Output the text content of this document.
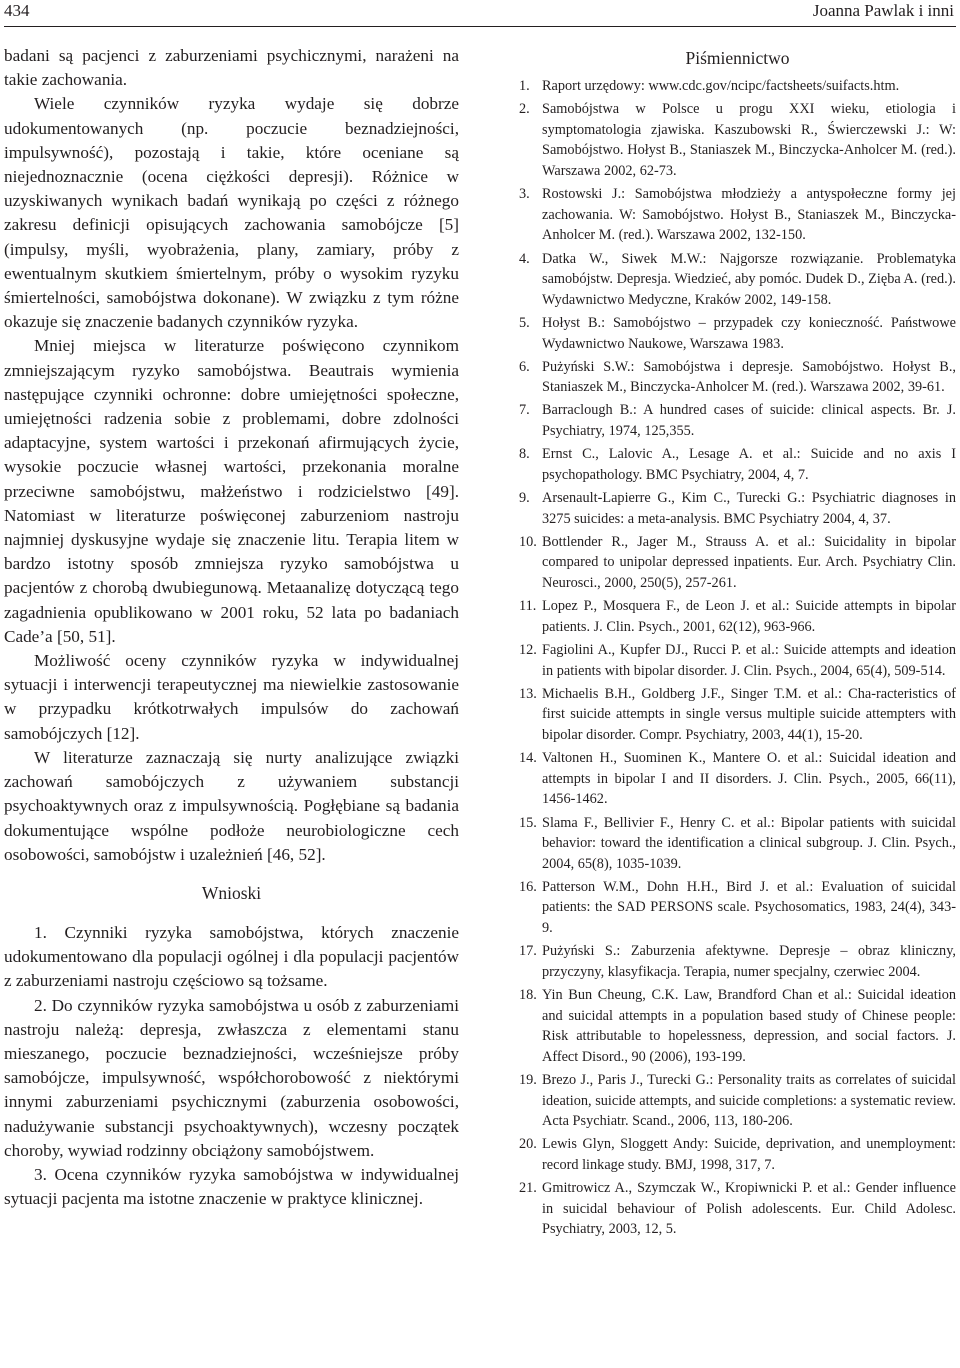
434	Joanna Pawlak i inni

badani są pacjenci z zaburzeniami psychicznymi, narażeni na takie zachowania.

Wiele czynników ryzyka wydaje się dobrze udokumentowanych (np. poczucie beznadziejności, impulsywność), pozostają i takie, które oceniane są niejednoznacznie (ocena ciężkości depresji). Różnice w uzyskiwanych wynikach badań wynikają po części z różnego zakresu definicji opisujących zachowania samobójcze [5] (impulsy, myśli, wyobrażenia, plany, zamiary, próby z ewentualnym skutkiem śmiertelnym, próby o wysokim ryzyku śmiertelności, samobójstwa dokonane). W związku z tym różne okazuje się znaczenie badanych czynników ryzyka.

Mniej miejsca w literaturze poświęcono czynnikom zmniejszającym ryzyko samobójstwa. Beautrais wymienia następujące czynniki ochronne: dobre umiejętności społeczne, umiejętności radzenia sobie z problemami, dobre zdolności adaptacyjne, system wartości i przekonań afirmujących życie, wysokie poczucie własnej wartości, przekonania moralne przeciwne samobójstwu, małżeństwo i rodzicielstwo [49]. Natomiast w literaturze poświęconej zaburzeniom nastroju najmniej dyskusyjne wydaje się znaczenie litu. Terapia litem w bardzo istotny sposób zmniejsza ryzyko samobójstwa u pacjentów z chorobą dwubiegunową. Metaanalizę dotyczącą tego zagadnienia opublikowano w 2001 roku, 52 lata po badaniach Cade’a [50, 51].

Możliwość oceny czynników ryzyka w indywidualnej sytuacji i interwencji terapeutycznej ma niewielkie zastosowanie w przypadku krótkotrwałych impulsów do zachowań samobójczych [12].

W literaturze zaznaczają się nurty analizujące związki zachowań samobójczych z używaniem substancji psychoaktywnych oraz z impulsywnością. Pogłębiane są badania dokumentujące wspólne podłoże neurobiologiczne cech osobowości, samobójstw i uzależnień [46, 52].

Wnioski

1. Czynniki ryzyka samobójstwa, których znaczenie udokumentowano dla populacji ogólnej i dla populacji pacjentów z zaburzeniami nastroju częściowo są tożsame.

2. Do czynników ryzyka samobójstwa u osób z zaburzeniami nastroju należą: depresja, zwłaszcza z elementami stanu mieszanego, poczucie beznadziejności, wcześniejsze próby samobójcze, impulsywność, współchorobowość z niektórymi innymi zaburzeniami psychicznymi (zaburzenia osobowości, nadużywanie substancji psychoaktywnych), wczesny początek choroby, wywiad rodzinny obciążony samobójstwem.

3. Ocena czynników ryzyka samobójstwa w indywidualnej sytuacji pacjenta ma istotne znaczenie w praktyce klinicznej.

Piśmiennictwo
1. Raport urzędowy: www.cdc.gov/ncipc/factsheets/suifacts.htm.
2. Samobójstwa w Polsce u progu XXI wieku, etiologia i symptomatologia zjawiska. Kaszubowski R., Świerczewski J.: W: Samobójstwo. Hołyst B., Staniaszek M., Binczycka-Anholcer M. (red.). Warszawa 2002, 62-73.
3. Rostowski J.: Samobójstwa młodzieży a antyspołeczne formy jej zachowania. W: Samobójstwo. Hołyst B., Staniaszek M., Binczycka-Anholcer M. (red.). Warszawa 2002, 132-150.
4. Datka W., Siwek M.W.: Najgorsze rozwiązanie. Problematyka samobójstw. Depresja. Wiedzieć, aby pomóc. Dudek D., Zięba A. (red.). Wydawnictwo Medyczne, Kraków 2002, 149-158.
5. Hołyst B.: Samobójstwo – przypadek czy konieczność. Państwowe Wydawnictwo Naukowe, Warszawa 1983.
6. Pużyński S.W.: Samobójstwa i depresje. Samobójstwo. Hołyst B., Staniaszek M., Binczycka-Anholcer M. (red.). Warszawa 2002, 39-61.
7. Barraclough B.: A hundred cases of suicide: clinical aspects. Br. J. Psychiatry, 1974, 125,355.
8. Ernst C., Lalovic A., Lesage A. et al.: Suicide and no axis I psychopathology. BMC Psychiatry, 2004, 4, 7.
9. Arsenault-Lapierre G., Kim C., Turecki G.: Psychiatric diagnoses in 3275 suicides: a meta-analysis. BMC Psychiatry 2004, 4, 37.
10. Bottlender R., Jager M., Strauss A. et al.: Suicidality in bipolar compared to unipolar depressed inpatients. Eur. Arch. Psychiatry Clin. Neurosci., 2000, 250(5), 257-261.
11. Lopez P., Mosquera F., de Leon J. et al.: Suicide attempts in bipolar patients. J. Clin. Psych., 2001, 62(12), 963-966.
12. Fagiolini A., Kupfer DJ., Rucci P. et al.: Suicide attempts and ideation in patients with bipolar disorder. J. Clin. Psych., 2004, 65(4), 509-514.
13. Michaelis B.H., Goldberg J.F., Singer T.M. et al.: Cha-racteristics of first suicide attempts in single versus multiple suicide attempters with bipolar disorder. Compr. Psychiatry, 2003, 44(1), 15-20.
14. Valtonen H., Suominen K., Mantere O. et al.: Suicidal ideation and attempts in bipolar I and II disorders. J. Clin. Psych., 2005, 66(11), 1456-1462.
15. Slama F., Bellivier F., Henry C. et al.: Bipolar patients with suicidal behavior: toward the identification a clinical subgroup. J. Clin. Psych., 2004, 65(8), 1035-1039.
16. Patterson W.M., Dohn H.H., Bird J. et al.: Evaluation of suicidal patients: the SAD PERSONS scale. Psychosomatics, 1983, 24(4), 343-9.
17. Pużyński S.: Zaburzenia afektywne. Depresje – obraz kliniczny, przyczyny, klasyfikacja. Terapia, numer specjalny, czerwiec 2004.
18. Yin Bun Cheung, C.K. Law, Brandford Chan et al.: Suicidal ideation and suicidal attempts in a population based study of Chinese people: Risk attributable to hopelessness, depression, and social factors. J. Affect Disord., 90 (2006), 193-199.
19. Brezo J., Paris J., Turecki G.: Personality traits as correlates of suicidal ideation, suicide attempts, and suicide completions: a systematic review. Acta Psychiatr. Scand., 2006, 113, 180-206.
20. Lewis Glyn, Sloggett Andy: Suicide, deprivation, and unemployment: record linkage study. BMJ, 1998, 317, 7.
21. Gmitrowicz A., Szymczak W., Kropiwnicki P. et al.: Gender influence in suicidal behaviour of Polish adolescents. Eur. Child Adolesc. Psychiatry, 2003, 12, 5.
